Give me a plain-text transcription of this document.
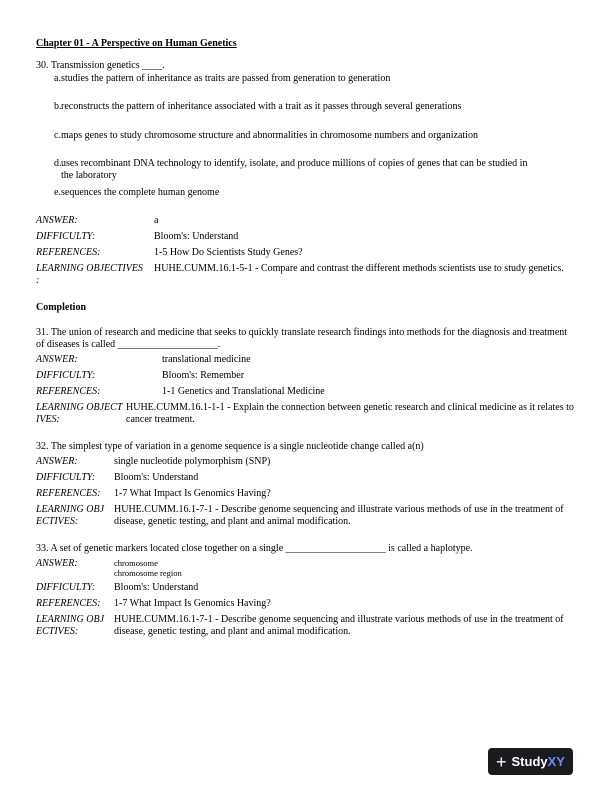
Chapter 01 - A Perspective on Human Genetics
30. Transmission genetics ____.
a. studies the pattern of inheritance as traits are passed from generation to generation
b. reconstructs the pattern of inheritance associated with a trait as it passes through several generations
c. maps genes to study chromosome structure and abnormalities in chromosome numbers and organization
d. uses recombinant DNA technology to identify, isolate, and produce millions of copies of genes that can be studied in the laboratory
e. sequences the complete human genome
ANSWER:	a
DIFFICULTY:	Bloom's: Understand
REFERENCES:	1-5 How Do Scientists Study Genes?
LEARNING OBJECTIVES
:
HUHE.CUMM.16.1-5-1 - Compare and contrast the different methods scientists use to study genetics.
Completion
31. The union of research and medicine that seeks to quickly translate research findings into methods for the diagnosis and treatment of diseases is called ____________________.
ANSWER:	translational medicine
DIFFICULTY:	Bloom's: Remember
REFERENCES:	1-1 Genetics and Translational Medicine
LEARNING OBJECT
IVES:
HUHE.CUMM.16.1-1-1 - Explain the connection between genetic research and clinical medicine as it relates to cancer treatment.
32. The simplest type of variation in a genome sequence is a single nucleotide change called a(n)
ANSWER:	single nucleotide polymorphism (SNP)
DIFFICULTY: Bloom's: Understand
REFERENCES: 1-7 What Impact Is Genomics Having?
LEARNING OBJ
ECTIVES:
HUHE.CUMM.16.1-7-1 - Describe genome sequencing and illustrate various methods of use in the treatment of disease, genetic testing, and plant and animal modification.
33. A set of genetic markers located close together on a single ____________________ is called a haplotype.
ANSWER:	chromosome
chromosome region
DIFFICULTY: Bloom's: Understand
REFERENCES: 1-7 What Impact Is Genomics Having?
LEARNING OBJ
ECTIVES:
HUHE.CUMM.16.1-7-1 - Describe genome sequencing and illustrate various methods of use in the treatment of disease, genetic testing, and plant and animal modification.
+ StudyXY
